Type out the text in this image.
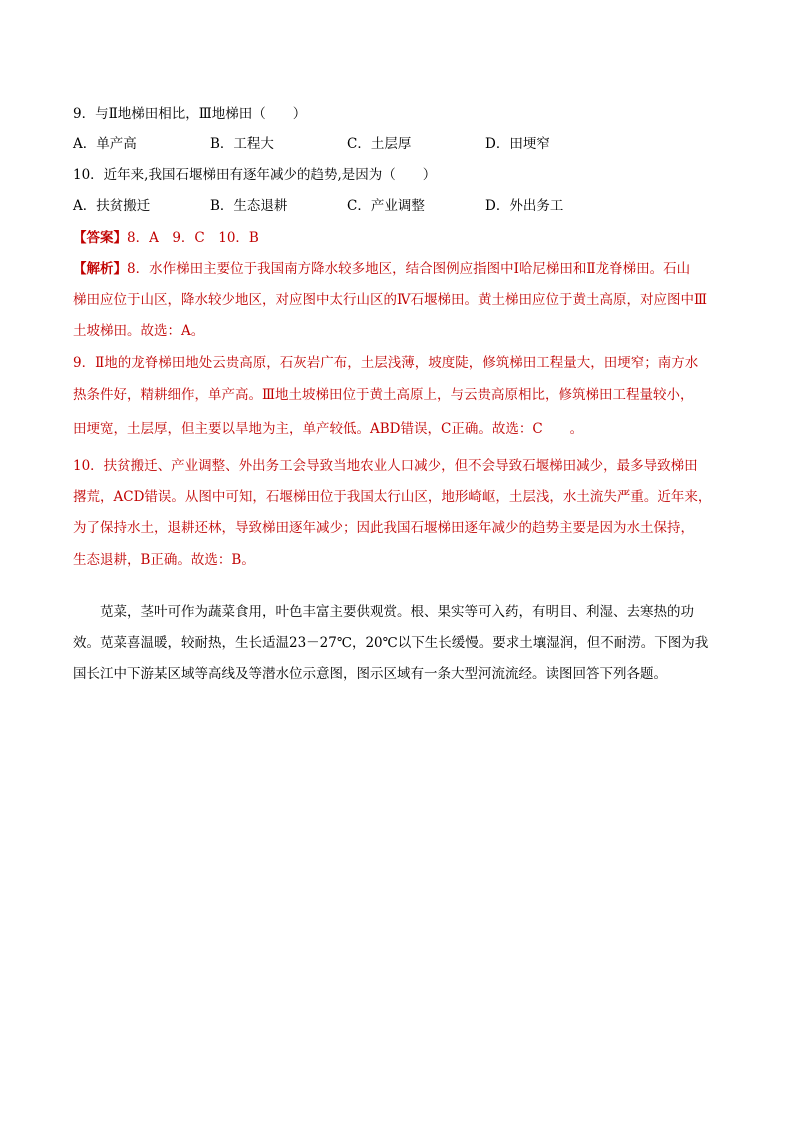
9．与Ⅱ地梯田相比，Ⅲ地梯田（　　）
A．单产高	B．工程大	C．土层厚	D．田埂窄
10．近年来,我国石堰梯田有逐年减少的趋势,是因为（　　）
A．扶贫搬迁	B．生态退耕	C．产业调整	D．外出务工
【答案】8．A　9．C　10．B
【解析】8．水作梯田主要位于我国南方降水较多地区，结合图例应指图中Ⅰ哈尼梯田和Ⅱ龙脊梯田。石山
梯田应位于山区，降水较少地区，对应图中太行山区的Ⅳ石堰梯田。黄土梯田应位于黄土高原，对应图中Ⅲ
土坡梯田。故选：A。
9．Ⅱ地的龙脊梯田地处云贵高原，石灰岩广布，土层浅薄，坡度陡，修筑梯田工程量大，田埂窄；南方水
热条件好，精耕细作，单产高。Ⅲ地土坡梯田位于黄土高原上，与云贵高原相比，修筑梯田工程量较小，
田埂宽，土层厚，但主要以旱地为主，单产较低。ABD错误，C正确。故选：C　　。
10．扶贫搬迁、产业调整、外出务工会导致当地农业人口减少，但不会导致石堰梯田减少，最多导致梯田
撂荒，ACD错误。从图中可知，石堰梯田位于我国太行山区，地形崎岖，土层浅，水土流失严重。近年来，
为了保持水土，退耕还林，导致梯田逐年减少；因此我国石堰梯田逐年减少的趋势主要是因为水土保持，
生态退耕，B正确。故选：B。
　　苋菜，茎叶可作为蔬菜食用，叶色丰富主要供观赏。根、果实等可入药，有明目、利湿、去寒热的功
效。苋菜喜温暖，较耐热，生长适温23－27℃，20℃以下生长缓慢。要求土壤湿润，但不耐涝。下图为我
国长江中下游某区域等高线及等潜水位示意图，图示区域有一条大型河流流经。读图回答下列各题。
